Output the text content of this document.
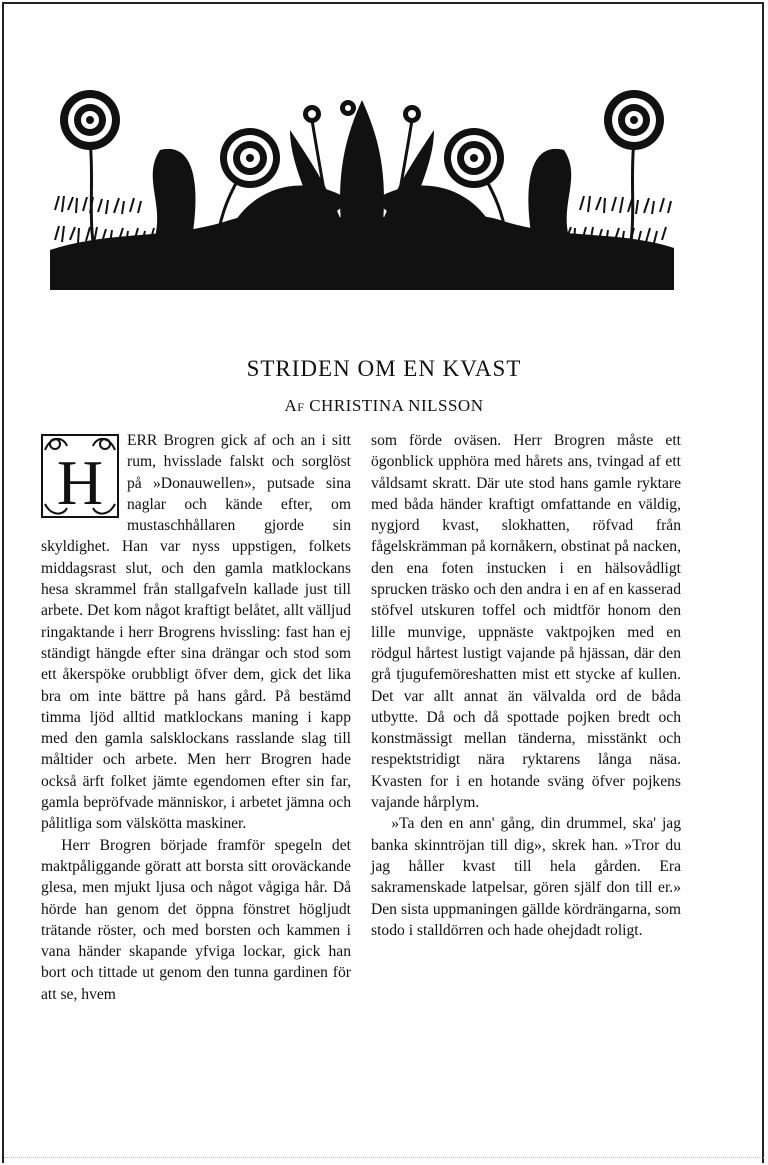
STRIDEN OM EN KVAST
Af CHRISTINA NILSSON

H
ERR Brogren gick af och an i sitt rum, hvisslade falskt och sorglöst på »Donauwellen», putsade sina naglar och kände efter, om mustaschhållaren gjorde sin skyldighet. Han var nyss uppstigen, folkets middagsrast slut, och den gamla matklockans hesa skrammel från stallgafveln kallade just till arbete. Det kom något kraftigt belåtet, allt välljud ringaktande i herr Brogrens hvissling: fast han ej ständigt hängde efter sina drängar och stod som ett åkerspöke orubbligt öfver dem, gick det lika bra om inte bättre på hans gård. På bestämd timma ljöd alltid matklockans maning i kapp med den gamla salsklockans rasslande slag till måltider och arbete. Men herr Brogren hade också ärft folket jämte egendomen efter sin far, gamla bepröfvade människor, i arbetet jämna och pålitliga som välskötta maskiner.

Herr Brogren började framför spegeln det maktpåliggande göratt att borsta sitt oroväckande glesa, men mjukt ljusa och något vågiga hår. Då hörde han genom det öppna fönstret högljudt trätande röster, och med borsten och kammen i vana händer skapande yfviga lockar, gick han bort och tittade ut genom den tunna gardinen för att se, hvem

som förde oväsen. Herr Brogren måste ett ögonblick upphöra med hårets ans, tvingad af ett våldsamt skratt. Där ute stod hans gamle ryktare med båda händer kraftigt omfattande en väldig, nygjord kvast, slokhatten, röfvad från fågelskrämman på kornåkern, obstinat på nacken, den ena foten instucken i en hälsovådligt sprucken träsko och den andra i en af en kasserad stöfvel utskuren toffel och midtför honom den lille munvige, uppnäste vaktpojken med en rödgul hårtest lustigt vajande på hjässan, där den grå tjugufemöreshatten mist ett stycke af kullen. Det var allt annat än välvalda ord de båda utbytte. Då och då spottade pojken bredt och konstmässigt mellan tänderna, misstänkt och respektstridigt nära ryktarens långa näsa. Kvasten for i en hotande sväng öfver pojkens vajande hårplym.

»Ta den en ann' gång, din drummel, ska' jag banka skinntröjan till dig», skrek han. »Tror du jag håller kvast till hela gården. Era sakramenskade latpelsar, gören själf don till er.» Den sista uppmaningen gällde kördrängarna, som stodo i stalldörren och hade ohejdadt roligt.
